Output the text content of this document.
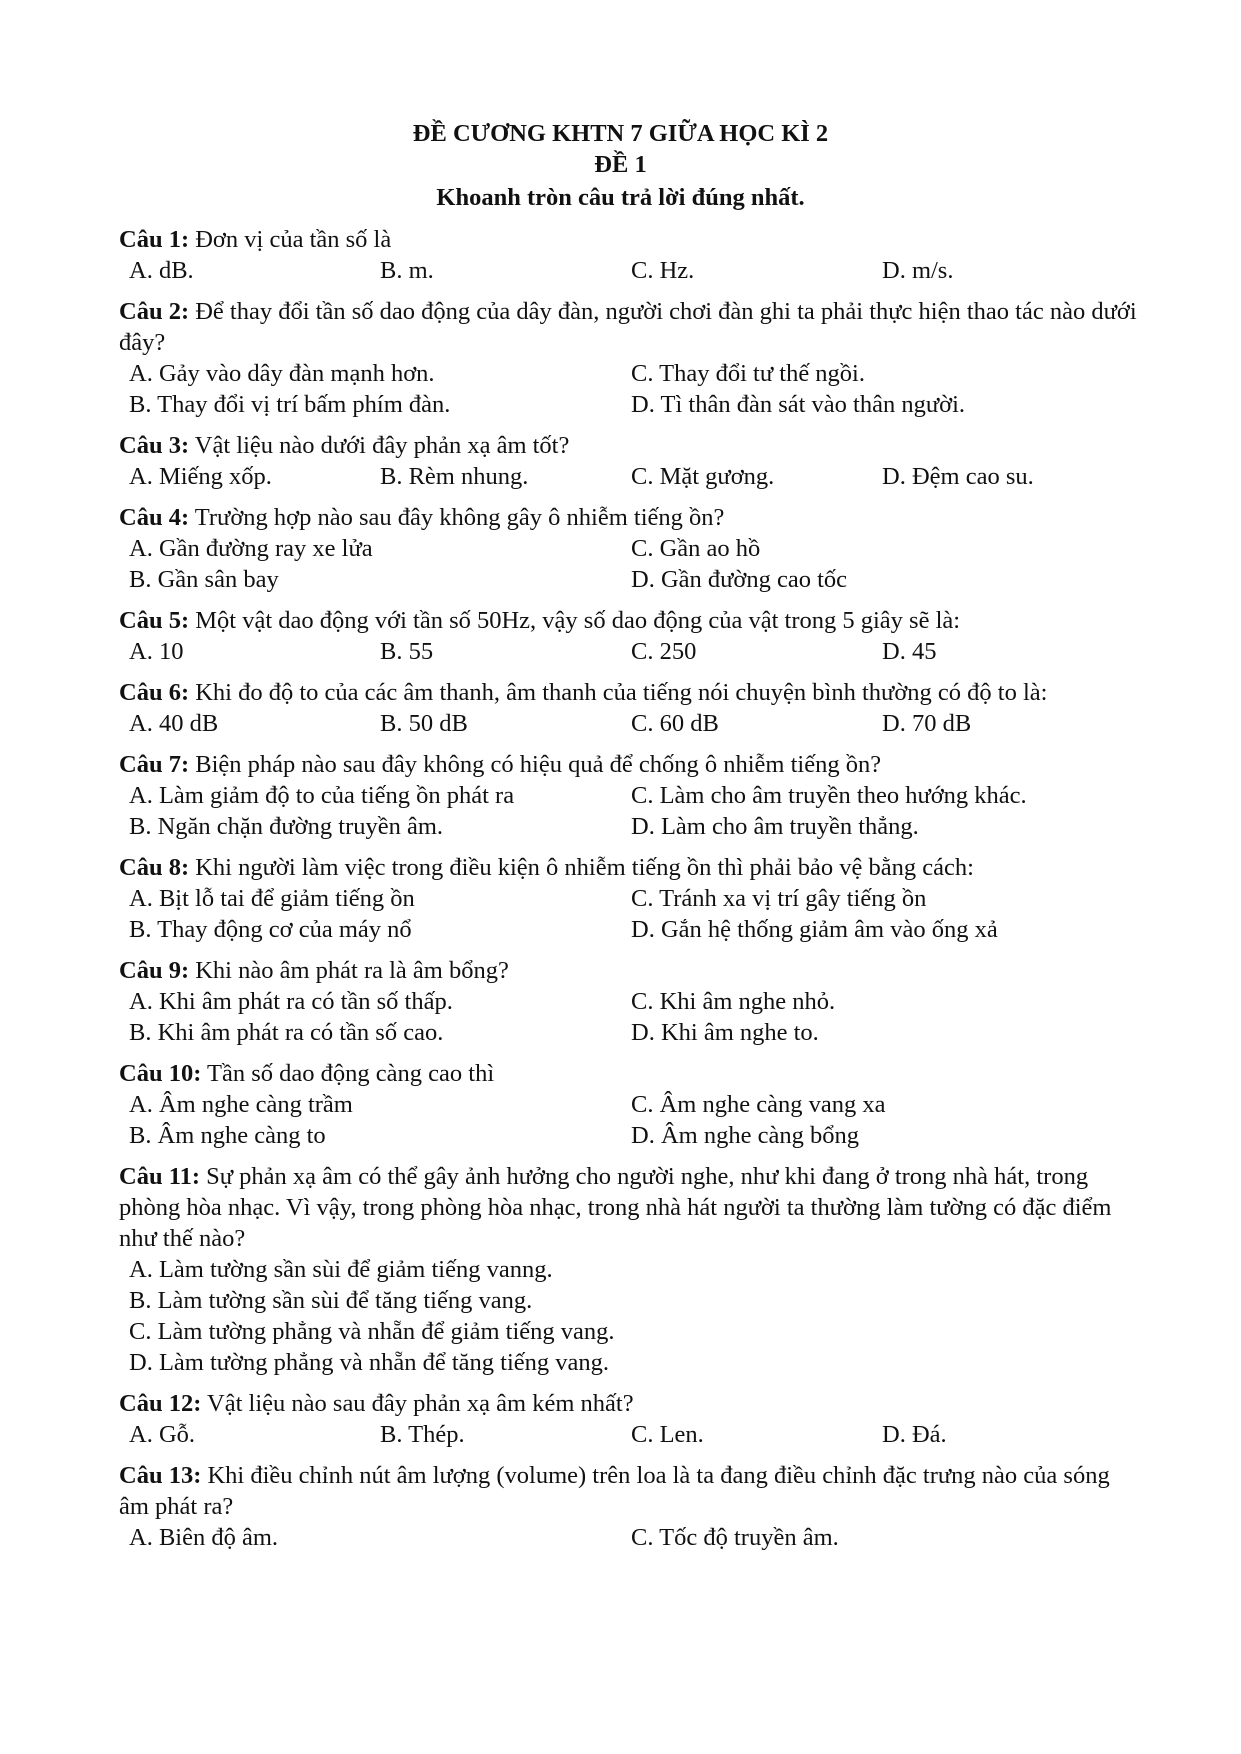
ĐỀ CƯƠNG KHTN 7 GIỮA HỌC KÌ 2
ĐỀ 1
Khoanh tròn câu trả lời đúng nhất.
Câu 1: Đơn vị của tần số là
A. dB.	B. m.	C. Hz.	D. m/s.
Câu 2: Để thay đổi tần số dao động của dây đàn, người chơi đàn ghi ta phải thực hiện thao tác nào dưới đây?
A. Gảy vào dây đàn mạnh hơn.	C. Thay đổi tư thế ngồi.
B. Thay đổi vị trí bấm phím đàn.	D. Tì thân đàn sát vào thân người.
Câu 3: Vật liệu nào dưới đây phản xạ âm tốt?
A. Miếng xốp.	B. Rèm nhung.	C. Mặt gương.	D. Đệm cao su.
Câu 4: Trường hợp nào sau đây không gây ô nhiễm tiếng ồn?
A. Gần đường ray xe lửa	C. Gần ao hồ
B. Gần sân bay	D. Gần đường cao tốc
Câu 5: Một vật dao động với tần số 50Hz, vậy số dao động của vật trong 5 giây sẽ là:
A. 10	B. 55	C. 250	D. 45
Câu 6: Khi đo độ to của các âm thanh, âm thanh của tiếng nói chuyện bình thường có độ to là:
A. 40 dB	B. 50 dB	C. 60 dB	D. 70 dB
Câu 7: Biện pháp nào sau đây không có hiệu quả để chống ô nhiễm tiếng ồn?
A. Làm giảm độ to của tiếng ồn phát ra	C. Làm cho âm truyền theo hướng khác.
B. Ngăn chặn đường truyền âm.	D. Làm cho âm truyền thẳng.
Câu 8: Khi người làm việc trong điều kiện ô nhiễm tiếng ồn thì phải bảo vệ bằng cách:
A. Bịt lỗ tai để giảm tiếng ồn	C. Tránh xa vị trí gây tiếng ồn
B. Thay động cơ của máy nổ	D. Gắn hệ thống giảm âm vào ống xả
Câu 9: Khi nào âm phát ra là âm bổng?
A. Khi âm phát ra có tần số thấp.	C. Khi âm nghe nhỏ.
B. Khi âm phát ra có tần số cao.	D. Khi âm nghe to.
Câu 10: Tần số dao động càng cao thì
A. Âm nghe càng trầm	C. Âm nghe càng vang xa
B. Âm nghe càng to	D. Âm nghe càng bổng
Câu 11: Sự phản xạ âm có thể gây ảnh hưởng cho người nghe, như khi đang ở trong nhà hát, trong phòng hòa nhạc. Vì vậy, trong phòng hòa nhạc, trong nhà hát người ta thường làm tường có đặc điểm như thế nào?
A. Làm tường sần sùi để giảm tiếng vanng.
B. Làm tường sần sùi để tăng tiếng vang.
C. Làm tường phẳng và nhẵn để giảm tiếng vang.
D. Làm tường phẳng và nhẵn để tăng tiếng vang.
Câu 12: Vật liệu nào sau đây phản xạ âm kém nhất?
A. Gỗ.	B. Thép.	C. Len.	D. Đá.
Câu 13: Khi điều chỉnh nút âm lượng (volume) trên loa là ta đang điều chỉnh đặc trưng nào của sóng âm phát ra?
A. Biên độ âm.	C. Tốc độ truyền âm.
